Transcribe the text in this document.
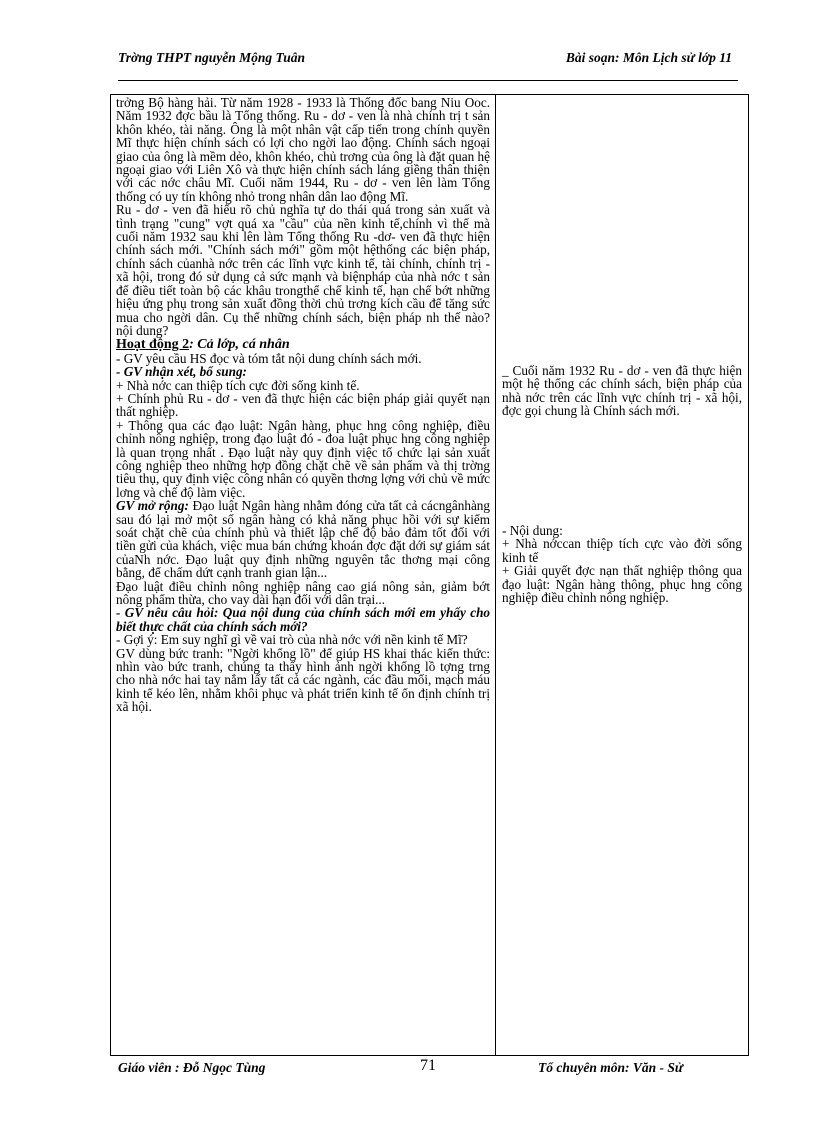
Trờng THPT nguyễn Mộng Tuân	Bài soạn: Môn Lịch sử lớp 11

trởng Bộ hàng hải. Từ năm 1928 - 1933 là Thống đốc bang Niu Ooc. Năm 1932 đợc bầu là Tổng thống. Ru - dơ - ven là nhà chính trị t sản khôn khéo, tài năng. Ông là một nhân vật cấp tiến trong chính quyền Mĩ thực hiện chính sách có lợi cho ngời lao động. Chính sách ngoại giao của ông là mềm dẻo, khôn khéo, chủ trơng của ông là đặt quan hệ ngoại giao với Liên Xô và thực hiện chính sách láng giềng thân thiện với các nớc châu Mĩ. Cuối năm 1944, Ru - dơ - ven lên làm Tổng thống có uy tín không nhỏ trong nhân dân lao động Mĩ.

Ru - dơ - ven đã hiểu rõ chủ nghĩa tự do thái quá trong sản xuất và tình trạng "cung" vợt quá xa "cầu" của nền kinh tế,chính vì thế mà cuối năm 1932 sau khi lên làm Tổng thống Ru -dơ- ven đã thực hiện chính sách mới. "Chính sách mới" gồm một hệthống các biện pháp, chính sách củanhà nớc trên các lĩnh vực kinh tế, tài chính, chính trị - xã hội, trong đó sử dụng cả sức mạnh và biệnpháp của nhà nớc t sản để điều tiết toàn bộ các khâu trongthể chế kinh tế, hạn chế bớt những hiệu ứng phụ trong sản xuất đồng thời chủ trơng kích cầu để tăng sức mua cho ngời dân. Cụ thể những chính sách, biện pháp nh thế nào? nội dung?

Hoạt động 2: Cả lớp, cá nhân

- GV yêu cầu HS đọc và tóm tắt nội dung chính sách mới.

- GV nhận xét, bổ sung:

+ Nhà nớc can thiệp tích cực đời sống kinh tế.

+ Chính phủ Ru - dơ - ven đã thực hiện các biện pháp giải quyết nạn thất nghiệp.

+ Thông qua các đạo luật: Ngân hàng, phục hng công nghiệp, điều chỉnh nông nghiệp, trong đạo luật đó - đoa luật phục hng công nghiệp là quan trọng nhất . Đạo luật này quy định việc tổ chức lại sản xuất công nghiệp theo những hợp đồng chặt chẽ về sản phẩm và thị trờng tiêu thụ, quy định việc công nhân có quyền thơng lợng với chủ về mức lơng và chế độ làm việc.

GV mở rộng: Đạo luật Ngân hàng nhằm đóng cửa tất cả cácngânhàng sau đó lại mở một số ngân hàng có khả năng phục hồi với sự kiểm soát chặt chẽ của chính phủ và thiết lập chế độ bảo đảm tốt đối với tiền gửi của khách, việc mua bán chứng khoán đợc đặt dới sự giám sát củaNh nớc. Đạo luật quy định những nguyên tắc thơng mại công bằng, để chấm dứt cạnh tranh gian lận...

Đạo luật điều chỉnh nông nghiệp nâng cao giá nông sản, giảm bớt nông phẩm thừa, cho vay dài hạn đối với dân trại...

- GV nêu câu hỏi: Qua nội dung của chính sách mới em yhấy cho biết thực chất của chính sách mới?

- Gợi ý: Em suy nghĩ gì về vai trò của nhà nớc với nền kinh tế Mĩ?

GV dùng bức tranh: "Ngời khổng lồ" để giúp HS khai thác kiến thức: nhìn vào bức tranh, chúng ta thấy hình ảnh ngời khổng lồ tợng trng cho nhà nớc hai tay nắm lấy tất cả các ngành, các đầu mối, mạch máu kinh tế kéo lên, nhằm khôi phục và phát triển kinh tế ổn định chính trị xã hội.

_ Cuối năm 1932 Ru - dơ - ven đã thực hiện một hệ thống các chính sách, biện pháp của nhà nớc trên các lĩnh vực chính trị - xã hội, đợc gọi chung là Chính sách mới.

- Nội dung:

+ Nhà nớccan thiệp tích cực vào đời sống kinh tế

+ Giải quyết đợc nạn thất nghiệp thông qua đạo luật: Ngân hàng thông, phục hng công nghiệp điều chỉnh nông nghiệp.

Giáo viên : Đỗ Ngọc Tùng	71	Tổ chuyên môn: Văn - Sử
